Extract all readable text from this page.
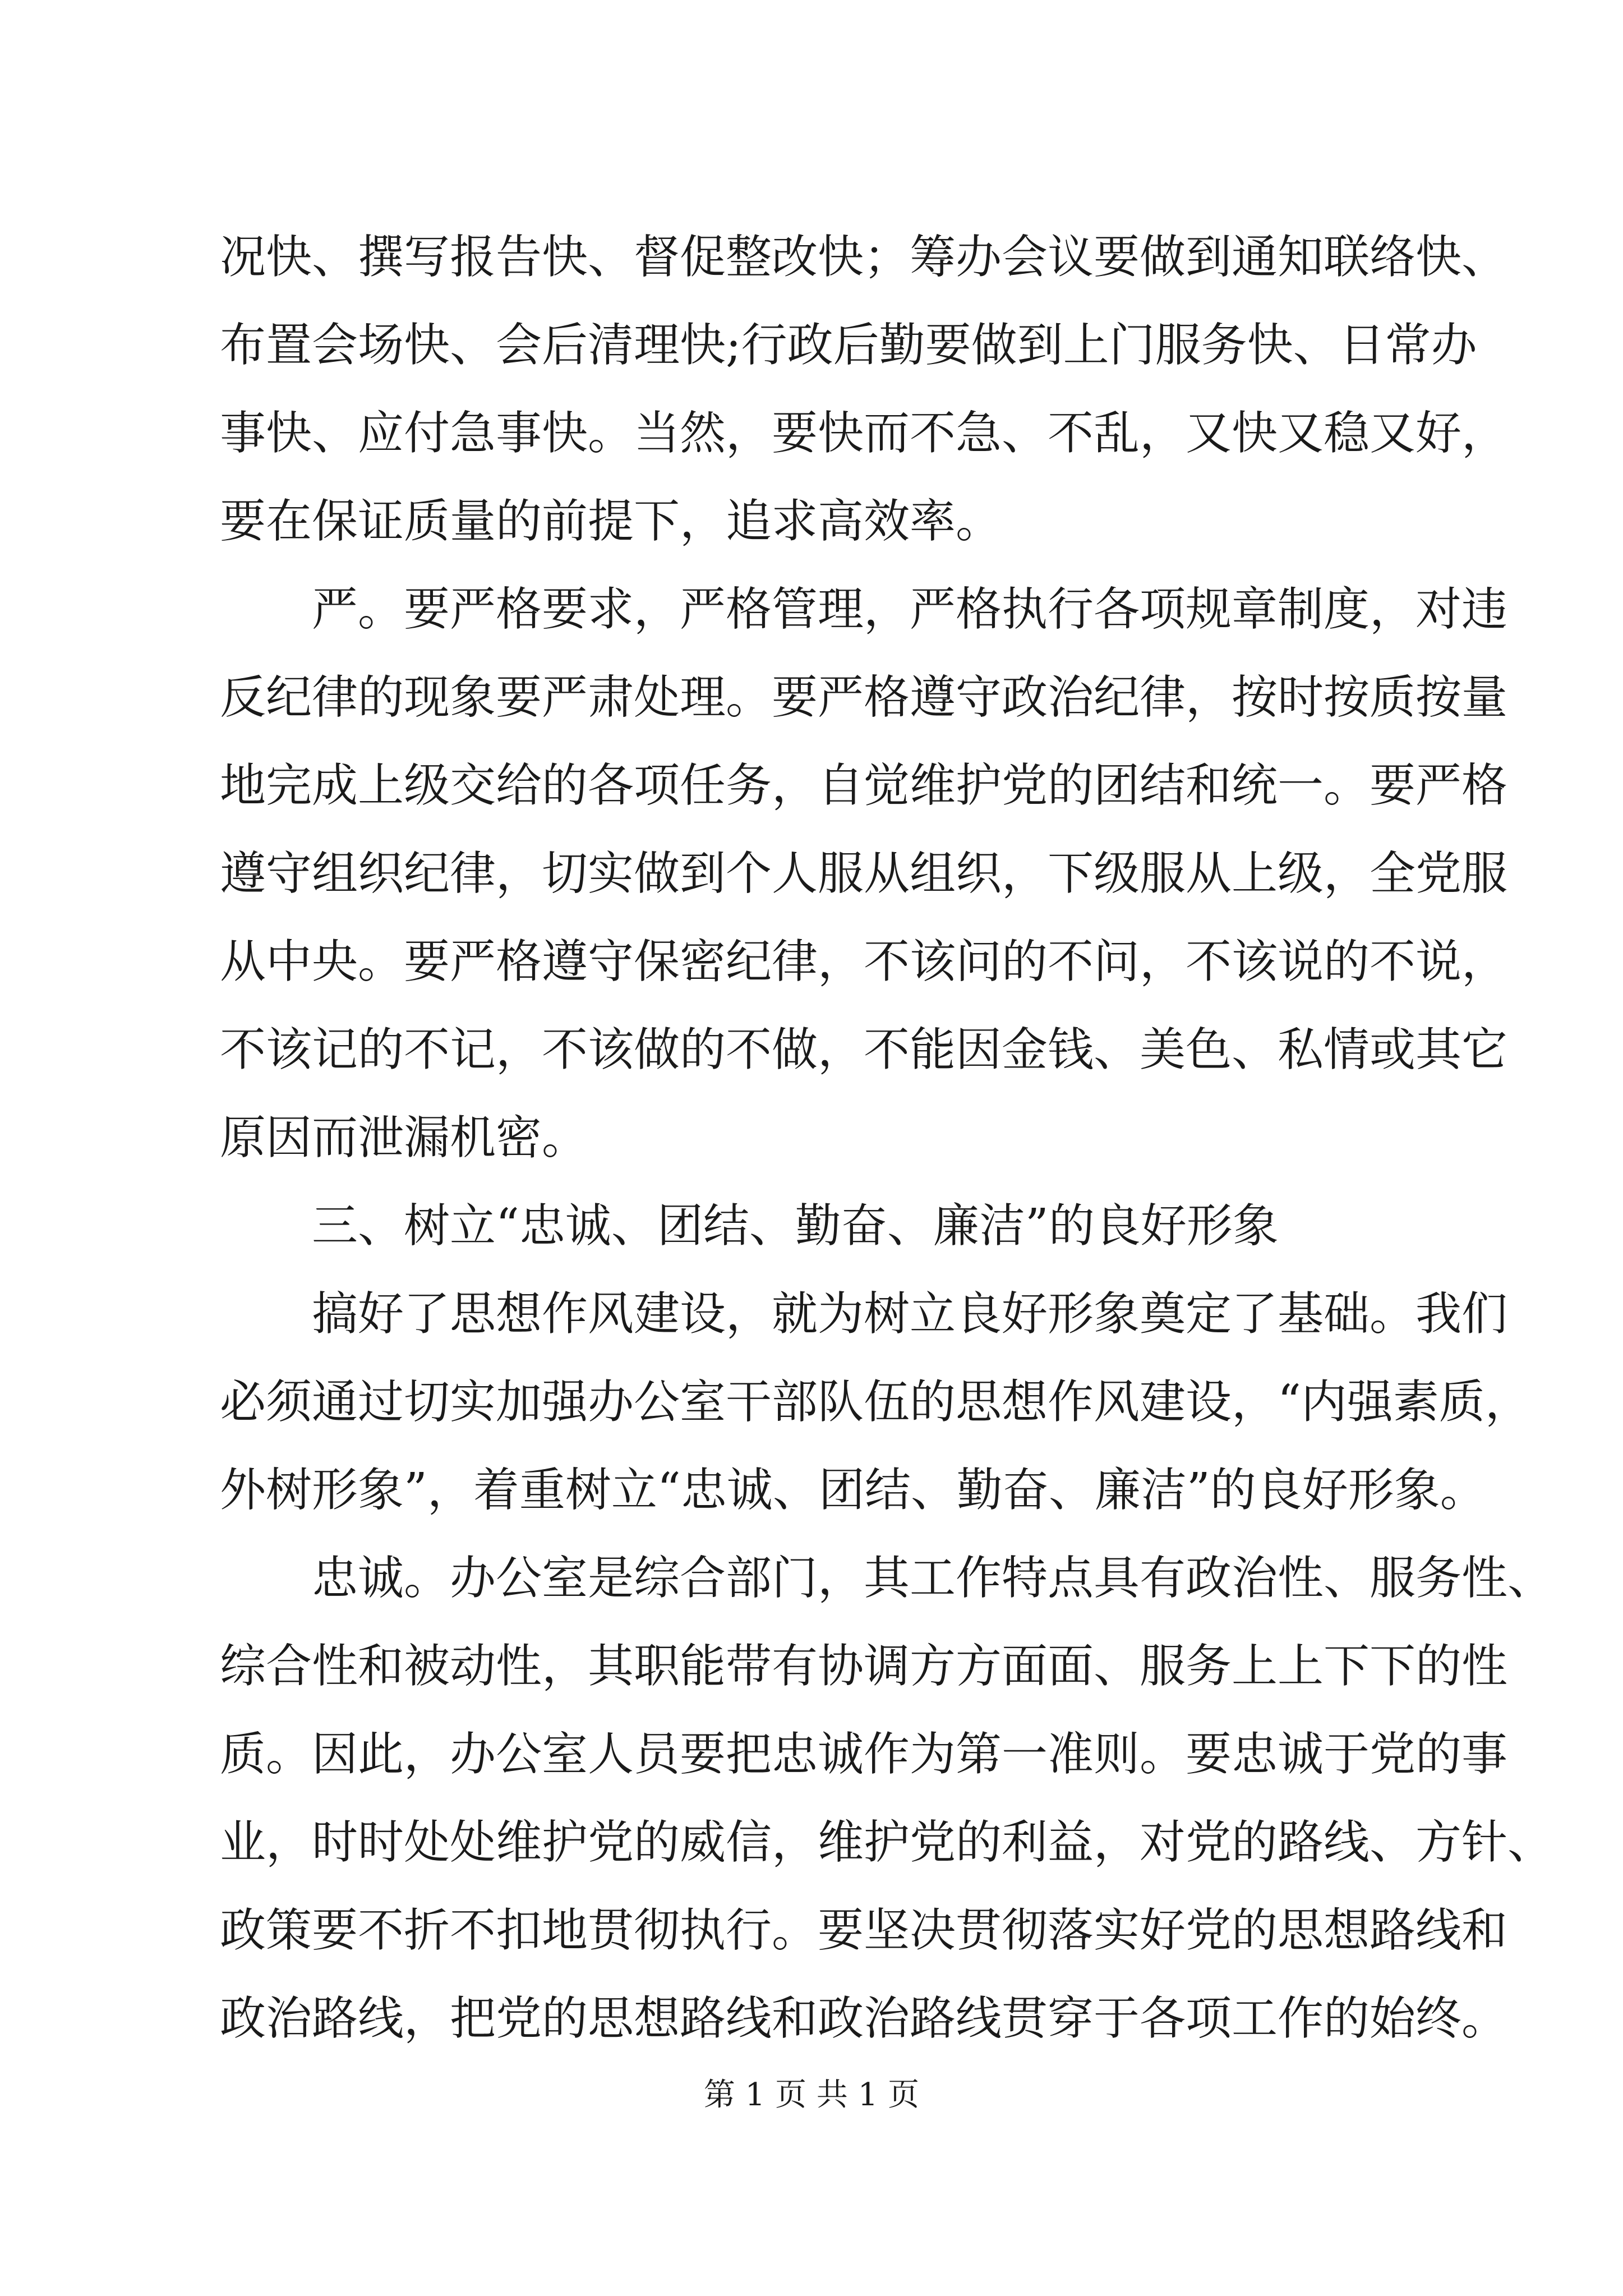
况快、撰写报告快、督促整改快；筹办会议要做到通知联络快、
布置会场快、会后清理快;行政后勤要做到上门服务快、日常办
事快、应付急事快。当然，要快而不急、不乱，又快又稳又好，
要在保证质量的前提下，追求高效率。
严。要严格要求，严格管理，严格执行各项规章制度，对违
反纪律的现象要严肃处理。要严格遵守政治纪律，按时按质按量
地完成上级交给的各项任务，自觉维护党的团结和统一。要严格
遵守组织纪律，切实做到个人服从组织，下级服从上级，全党服
从中央。要严格遵守保密纪律，不该问的不问，不该说的不说，
不该记的不记，不该做的不做，不能因金钱、美色、私情或其它
原因而泄漏机密。
三、树立“忠诚、团结、勤奋、廉洁”的良好形象
搞好了思想作风建设，就为树立良好形象奠定了基础。我们
必须通过切实加强办公室干部队伍的思想作风建设，“内强素质，
外树形象”，着重树立“忠诚、团结、勤奋、廉洁”的良好形象。
忠诚。办公室是综合部门，其工作特点具有政治性、服务性、
综合性和被动性，其职能带有协调方方面面、服务上上下下的性
质。因此，办公室人员要把忠诚作为第一准则。要忠诚于党的事
业，时时处处维护党的威信，维护党的利益，对党的路线、方针、
政策要不折不扣地贯彻执行。要坚决贯彻落实好党的思想路线和
政治路线，把党的思想路线和政治路线贯穿于各项工作的始终。
第 1 页 共 1 页
